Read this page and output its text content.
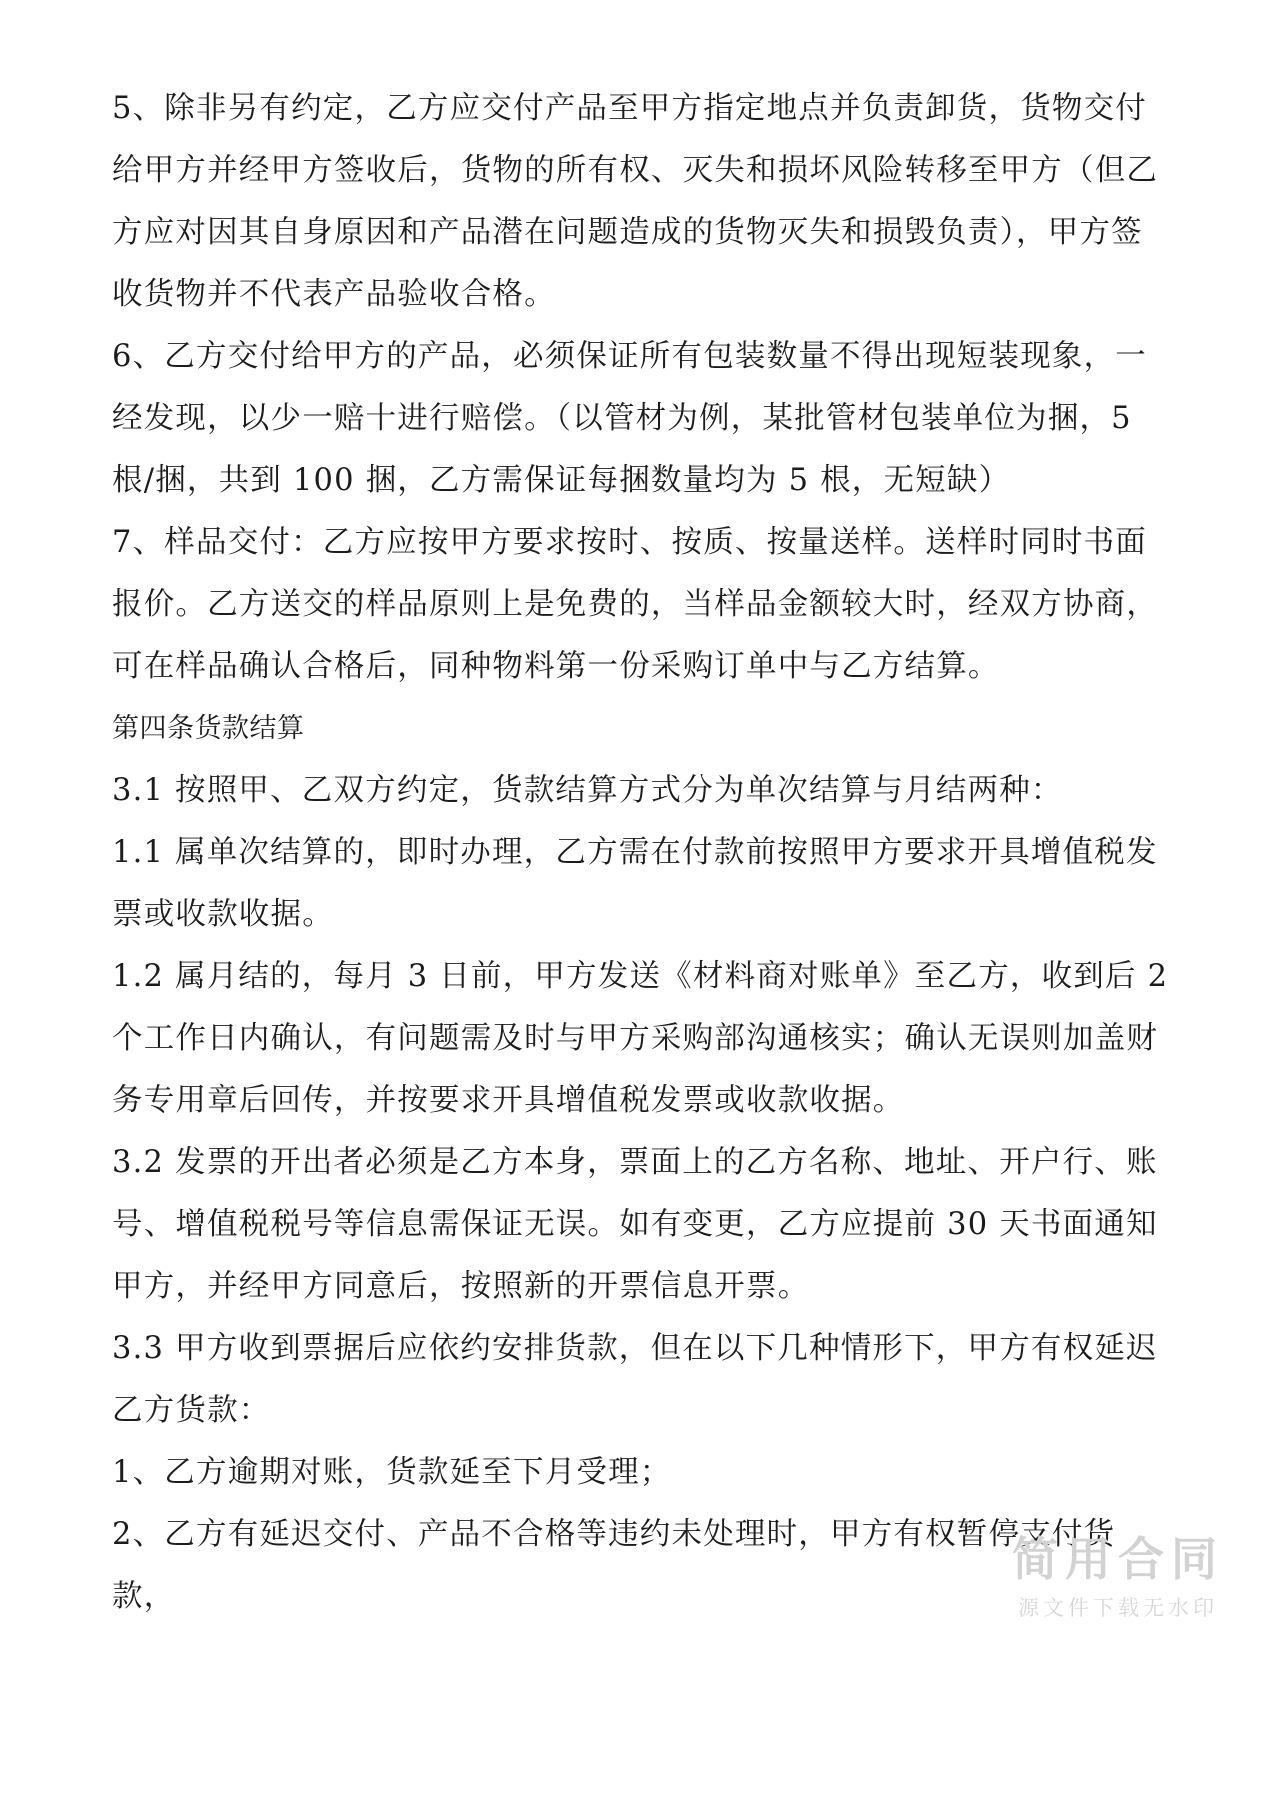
5、除非另有约定，乙方应交付产品至甲方指定地点并负责卸货，货物交付给甲方并经甲方签收后，货物的所有权、灭失和损坏风险转移至甲方（但乙方应对因其自身原因和产品潜在问题造成的货物灭失和损毁负责），甲方签收货物并不代表产品验收合格。

6、乙方交付给甲方的产品，必须保证所有包装数量不得出现短装现象，一经发现，以少一赔十进行赔偿。（以管材为例，某批管材包装单位为捆，5 根/捆，共到 100 捆，乙方需保证每捆数量均为 5 根，无短缺）

7、样品交付：乙方应按甲方要求按时、按质、按量送样。送样时同时书面报价。乙方送交的样品原则上是免费的，当样品金额较大时，经双方协商，可在样品确认合格后，同种物料第一份采购订单中与乙方结算。

第四条货款结算

3.1 按照甲、乙双方约定，货款结算方式分为单次结算与月结两种：

1.1 属单次结算的，即时办理，乙方需在付款前按照甲方要求开具增值税发票或收款收据。

1.2 属月结的，每月 3 日前，甲方发送《材料商对账单》至乙方，收到后 2 个工作日内确认，有问题需及时与甲方采购部沟通核实；确认无误则加盖财务专用章后回传，并按要求开具增值税发票或收款收据。

3.2 发票的开出者必须是乙方本身，票面上的乙方名称、地址、开户行、账号、增值税税号等信息需保证无误。如有变更，乙方应提前 30 天书面通知甲方，并经甲方同意后，按照新的开票信息开票。

3.3 甲方收到票据后应依约安排货款，但在以下几种情形下，甲方有权延迟乙方货款：

1、乙方逾期对账，货款延至下月受理；

2、乙方有延迟交付、产品不合格等违约未处理时，甲方有权暂停支付货款，

简用合同
源文件下载无水印
